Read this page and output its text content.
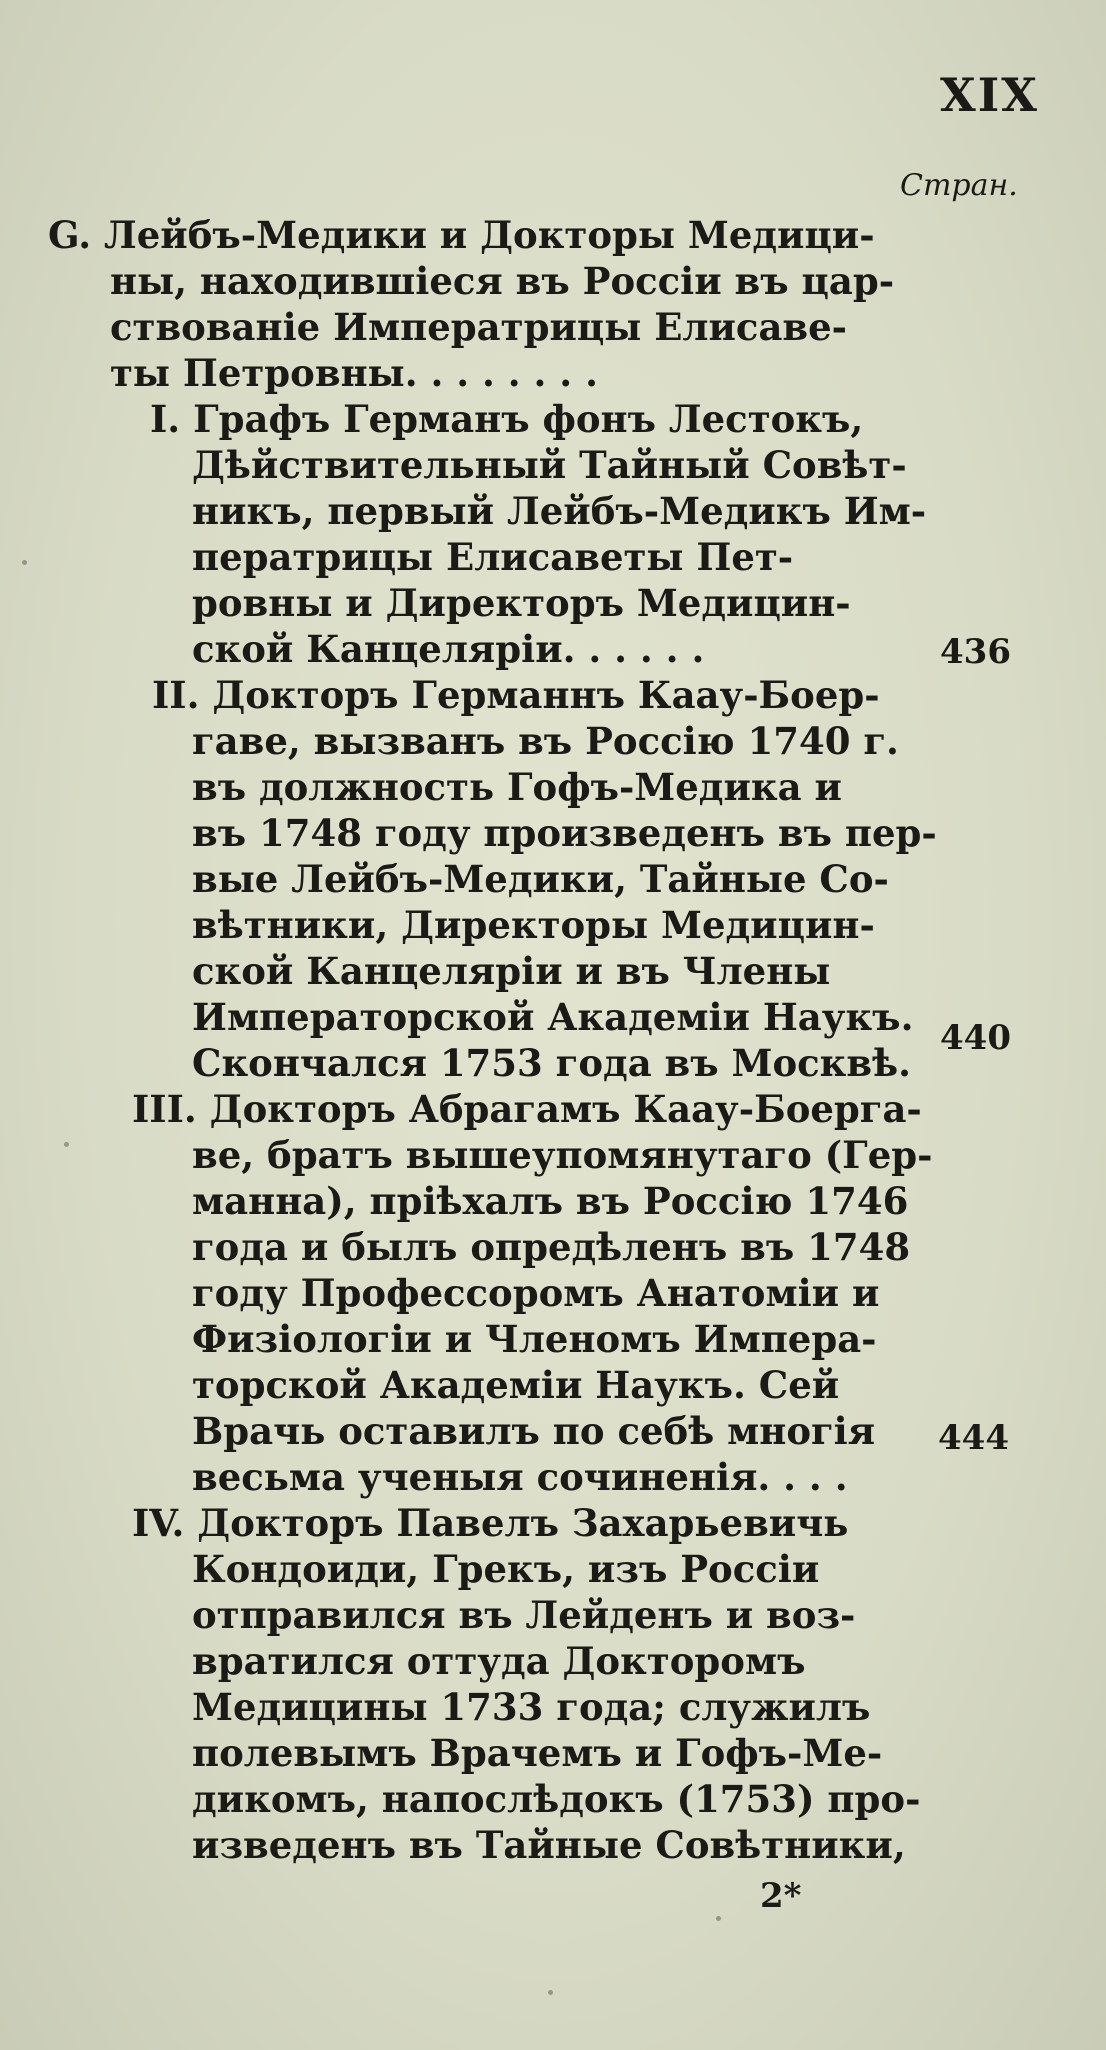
XIX
Стран.
G. Лейбъ-Медики и Докторы Медици-
ны, находившіеся въ Россіи въ цар-
ствованіе Императрицы Елисаве-
ты Петровны. . . . . . . .
I. Графъ Германъ фонъ Лестокъ,
Дѣйствительный Тайный Совѣт-
никъ, первый Лейбъ-Медикъ Им-
ператрицы Елисаветы Пет-
ровны и Директоръ Медицин-
ской Канцеляріи. . . . . .	436
II. Докторъ Германнъ Каау-Боер-
гаве, вызванъ въ Россію 1740 г.
въ должность Гофъ-Медика и
въ 1748 году произведенъ въ пер-
вые Лейбъ-Медики, Тайные Со-
вѣтники, Директоры Медицин-
ской Канцеляріи и въ Члены
Императорской Академіи Наукъ.
Скончался 1753 года въ Москвѣ.
440
III. Докторъ Абрагамъ Каау-Боерга-
ве, братъ вышеупомянутаго (Гер-
манна), пріѣхалъ въ Россію 1746
года и былъ опредѣленъ въ 1748
году Профессоромъ Анатоміи и
Физіологіи и Членомъ Импера-
торской Академіи Наукъ. Сей
Врачь оставилъ по себѣ многія
весьма ученыя сочиненія. . . .
444
IV. Докторъ Павелъ Захарьевичь
Кондоиди, Грекъ, изъ Россіи
отправился въ Лейденъ и воз-
вратился оттуда Докторомъ
Медицины 1733 года; служилъ
полевымъ Врачемъ и Гофъ-Ме-
дикомъ, напослѣдокъ (1753) про-
изведенъ въ Тайные Совѣтники,
2*
